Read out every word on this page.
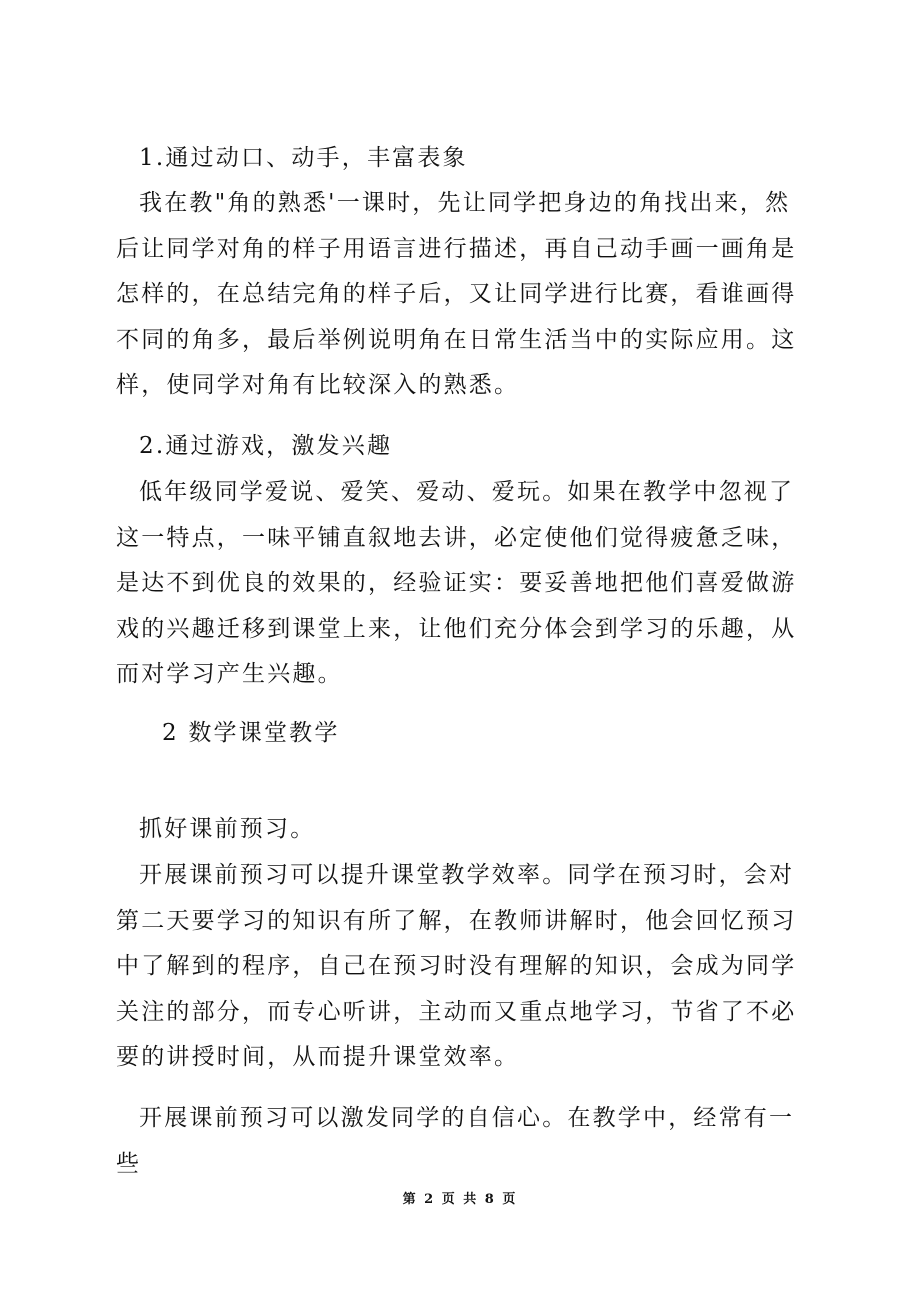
1.通过动口、动手，丰富表象

我在教"角的熟悉'一课时，先让同学把身边的角找出来，然后让同学对角的样子用语言进行描述，再自己动手画一画角是怎样的，在总结完角的样子后，又让同学进行比赛，看谁画得不同的角多，最后举例说明角在日常生活当中的实际应用。这样，使同学对角有比较深入的熟悉。

2.通过游戏，激发兴趣

低年级同学爱说、爱笑、爱动、爱玩。如果在教学中忽视了这一特点，一味平铺直叙地去讲，必定使他们觉得疲惫乏味，是达不到优良的效果的，经验证实：要妥善地把他们喜爱做游戏的兴趣迁移到课堂上来，让他们充分体会到学习的乐趣，从而对学习产生兴趣。

2 数学课堂教学

抓好课前预习。

开展课前预习可以提升课堂教学效率。同学在预习时，会对第二天要学习的知识有所了解，在教师讲解时，他会回忆预习中了解到的程序，自己在预习时没有理解的知识，会成为同学关注的部分，而专心听讲，主动而又重点地学习，节省了不必要的讲授时间，从而提升课堂效率。

开展课前预习可以激发同学的自信心。在教学中，经常有一些

第 2 页 共 8 页
